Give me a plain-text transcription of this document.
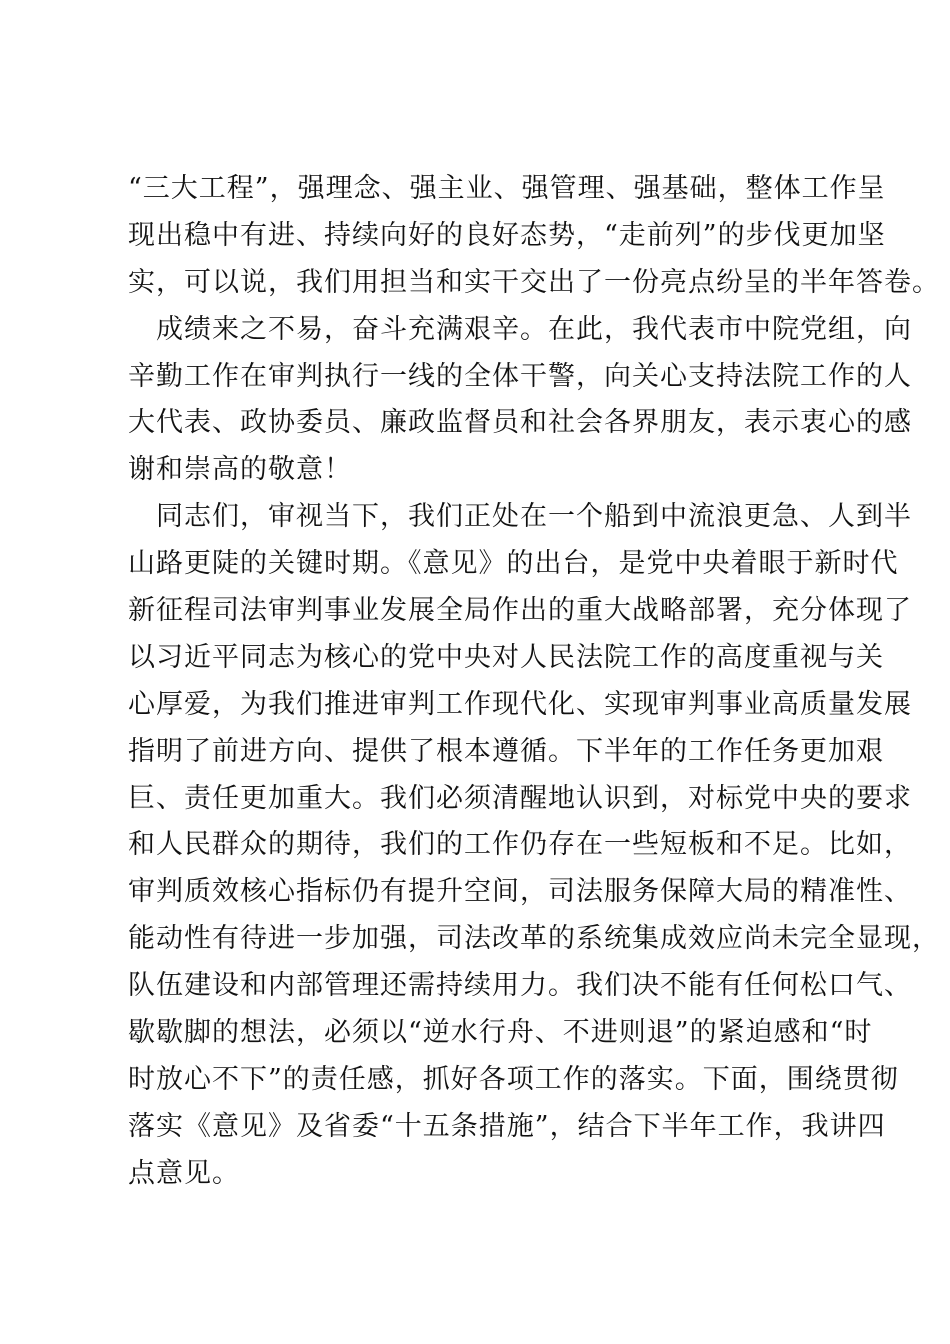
“三大工程”，强理念、强主业、强管理、强基础，整体工作呈
现出稳中有进、持续向好的良好态势，“走前列”的步伐更加坚
实，可以说，我们用担当和实干交出了一份亮点纷呈的半年答卷。
　成绩来之不易，奋斗充满艰辛。在此，我代表市中院党组，向
辛勤工作在审判执行一线的全体干警，向关心支持法院工作的人
大代表、政协委员、廉政监督员和社会各界朋友，表示衷心的感
谢和崇高的敬意！
　同志们，审视当下，我们正处在一个船到中流浪更急、人到半
山路更陡的关键时期。《意见》的出台，是党中央着眼于新时代
新征程司法审判事业发展全局作出的重大战略部署，充分体现了
以习近平同志为核心的党中央对人民法院工作的高度重视与关
心厚爱，为我们推进审判工作现代化、实现审判事业高质量发展
指明了前进方向、提供了根本遵循。下半年的工作任务更加艰
巨、责任更加重大。我们必须清醒地认识到，对标党中央的要求
和人民群众的期待，我们的工作仍存在一些短板和不足。比如，
审判质效核心指标仍有提升空间，司法服务保障大局的精准性、
能动性有待进一步加强，司法改革的系统集成效应尚未完全显现，
队伍建设和内部管理还需持续用力。我们决不能有任何松口气、
歇歇脚的想法，必须以“逆水行舟、不进则退”的紧迫感和“时
时放心不下”的责任感，抓好各项工作的落实。下面，围绕贯彻
落实《意见》及省委“十五条措施”，结合下半年工作，我讲四
点意见。
